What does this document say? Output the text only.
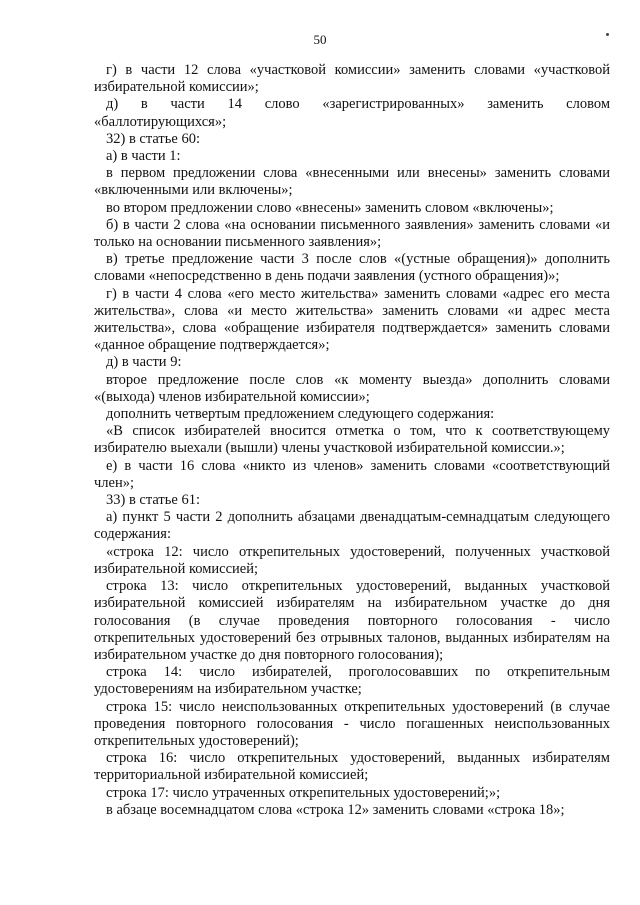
50

г) в части 12 слова «участковой комиссии» заменить словами «участковой избирательной комиссии»;

д) в части 14 слово «зарегистрированных» заменить словом «баллотирующихся»;

32) в статье 60:

а) в части 1:

в первом предложении слова «внесенными или внесены» заменить словами «включенными или включены»;

во втором предложении слово «внесены» заменить словом «включены»;

б) в части 2 слова «на основании письменного заявления» заменить словами «и только на основании письменного заявления»;

в) третье предложение части 3 после слов «(устные обращения)» дополнить словами «непосредственно в день подачи заявления (устного обращения)»;

г) в части 4 слова «его место жительства» заменить словами «адрес его места жительства», слова «и место жительства» заменить словами «и адрес места жительства», слова «обращение избирателя подтверждается» заменить словами «данное обращение подтверждается»;

д) в части 9:

второе предложение после слов «к моменту выезда» дополнить словами «(выхода) членов избирательной комиссии»;

дополнить четвертым предложением следующего содержания:

«В список избирателей вносится отметка о том, что к соответствующему избирателю выехали (вышли) члены участковой избирательной комиссии.»;

е) в части 16 слова «никто из членов» заменить словами «соответствующий член»;

33) в статье 61:

а) пункт 5 части 2 дополнить абзацами двенадцатым-семнадцатым следующего содержания:

«строка 12: число открепительных удостоверений, полученных участковой избирательной комиссией;

строка 13: число открепительных удостоверений, выданных участковой избирательной комиссией избирателям на избирательном участке до дня голосования (в случае проведения повторного голосования - число открепительных удостоверений без отрывных талонов, выданных избирателям на избирательном участке до дня повторного голосования);

строка 14: число избирателей, проголосовавших по открепительным удостоверениям на избирательном участке;

строка 15: число неиспользованных открепительных удостоверений (в случае проведения повторного голосования - число погашенных неиспользованных открепительных удостоверений);

строка 16: число открепительных удостоверений, выданных избирателям территориальной избирательной комиссией;

строка 17: число утраченных открепительных удостоверений;»;

в абзаце восемнадцатом слова «строка 12» заменить словами «строка 18»;
